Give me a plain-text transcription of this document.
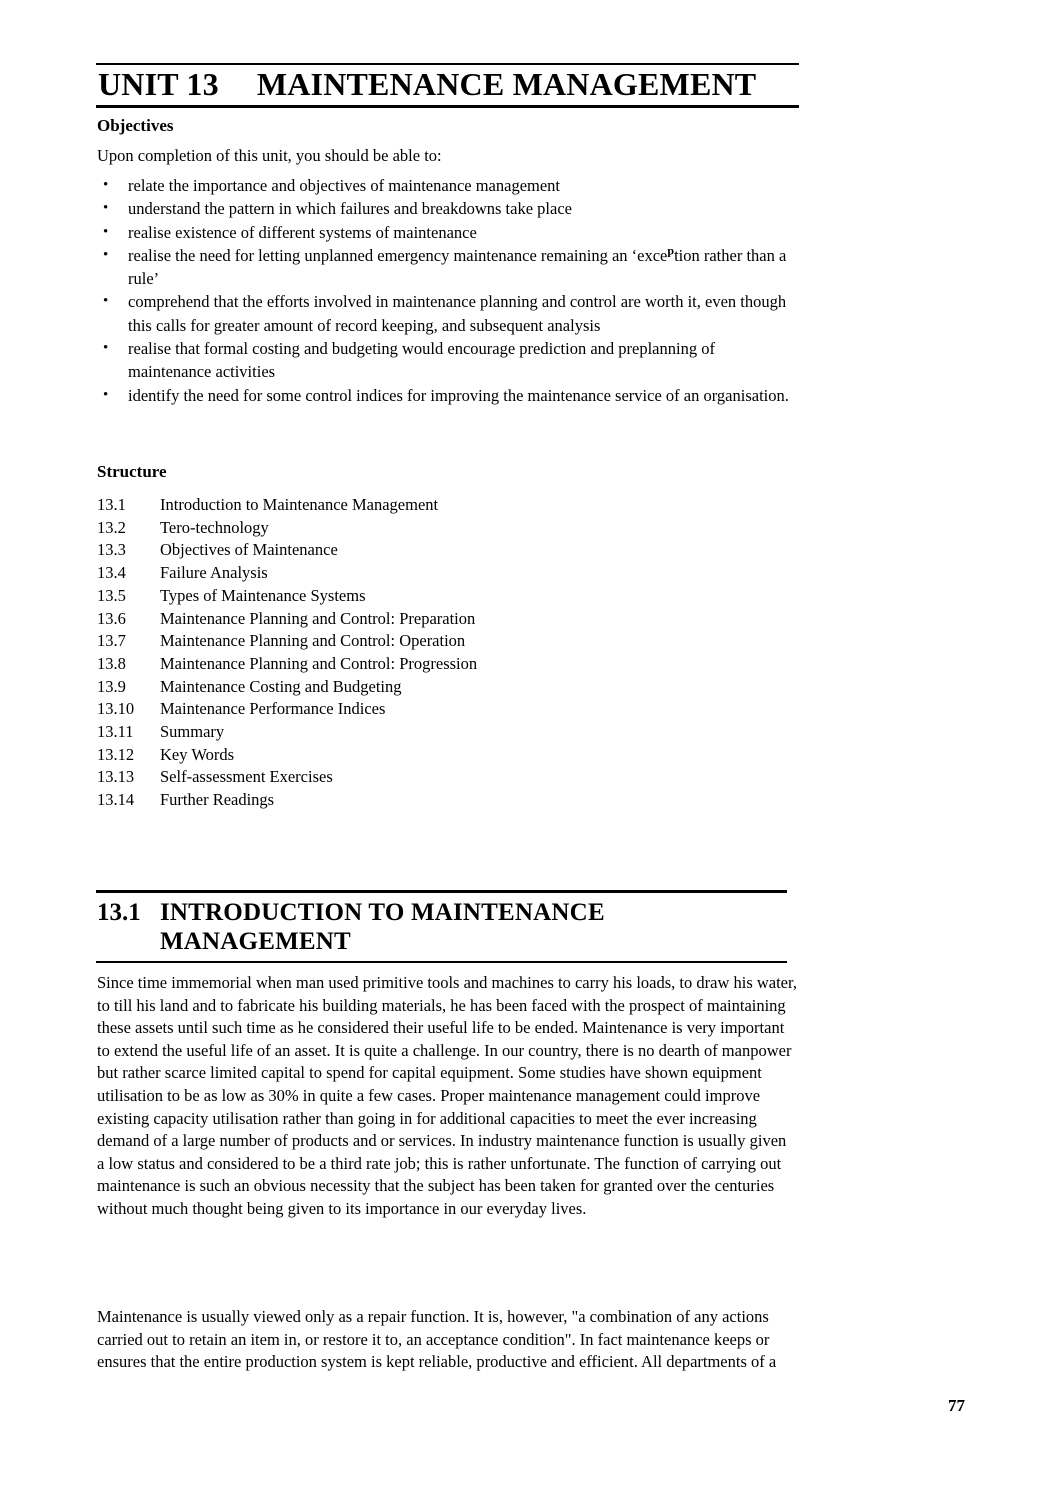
UNIT 13 MAINTENANCE MANAGEMENT
Objectives
Upon completion of this unit, you should be able to:
• relate the importance and objectives of maintenance management
• understand the pattern in which failures and breakdowns take place
• realise existence of different systems of maintenance
• realise the need for letting unplanned emergency maintenance remaining an ‘exce$^p$tion rather than a rule’
• comprehend that the efforts involved in maintenance planning and control are worth it, even though this calls for greater amount of record keeping, and subsequent analysis
• realise that formal costing and budgeting would encourage prediction and preplanning of maintenance activities
• identify the need for some control indices for improving the maintenance service of an organisation.
Structure
13.1 Introduction to Maintenance Management
13.2 Tero-technology
13.3 Objectives of Maintenance
13.4 Failure Analysis
13.5 Types of Maintenance Systems
13.6 Maintenance Planning and Control: Preparation
13.7 Maintenance Planning and Control: Operation
13.8 Maintenance Planning and Control: Progression
13.9 Maintenance Costing and Budgeting
13.10 Maintenance Performance Indices
13.11 Summary
13.12 Key Words
13.13 Self-assessment Exercises
13.14 Further Readings
13.1 INTRODUCTION TO MAINTENANCE
MANAGEMENT
Since time immemorial when man used primitive tools and machines to carry his loads, to draw his water, to till his land and to fabricate his building materials, he has been faced with the prospect of maintaining these assets until such time as he considered their useful life to be ended. Maintenance is very important to extend the useful life of an asset. It is quite a challenge. In our country, there is no dearth of manpower but rather scarce limited capital to spend for capital equipment. Some studies have shown equipment utilisation to be as low as 30% in quite a few cases. Proper maintenance management could improve existing capacity utilisation rather than going in for additional capacities to meet the ever increasing demand of a large number of products and or services. In industry maintenance function is usually given a low status and considered to be a third rate job; this is rather unfortunate. The function of carrying out maintenance is such an obvious necessity that the subject has been taken for granted over the centuries without much thought being given to its importance in our everyday lives.
Maintenance is usually viewed only as a repair function. It is, however, "a combination of any actions carried out to retain an item in, or restore it to, an acceptance condition". In fact maintenance keeps or ensures that the entire production system is kept reliable, productive and efficient. All departments of a
77
